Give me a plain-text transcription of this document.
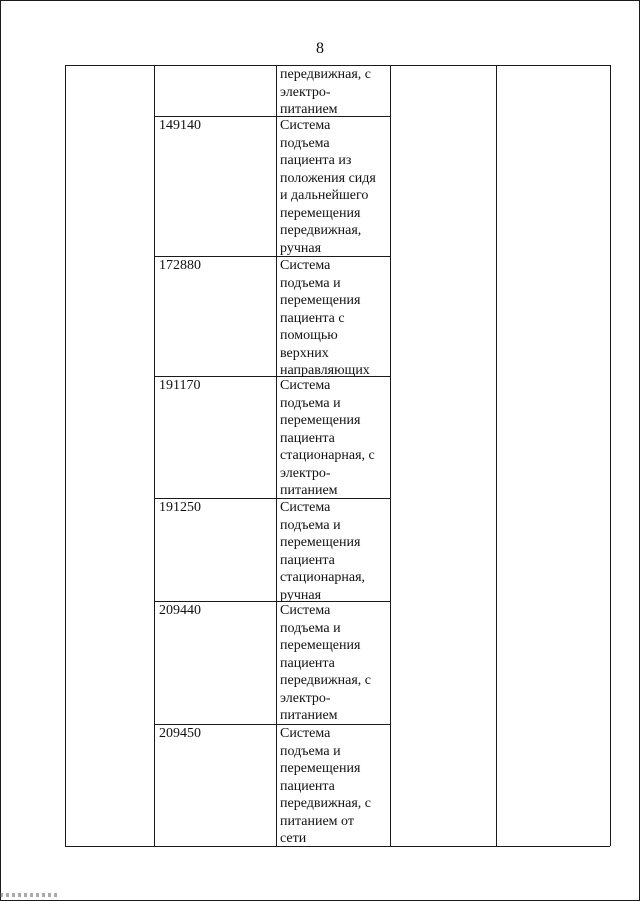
8
передвижная, с
электро-
питанием
149140	Система
подъема
пациента из
положения сидя
и дальнейшего
перемещения
передвижная,
ручная
172880	Система
подъема и
перемещения
пациента с
помощью
верхних
направляющих
191170	Система
подъема и
перемещения
пациента
стационарная, с
электро-
питанием
191250	Система
подъема и
перемещения
пациента
стационарная,
ручная
209440	Система
подъема и
перемещения
пациента
передвижная, с
электро-
питанием
209450	Система
подъема и
перемещения
пациента
передвижная, с
питанием от
сети
